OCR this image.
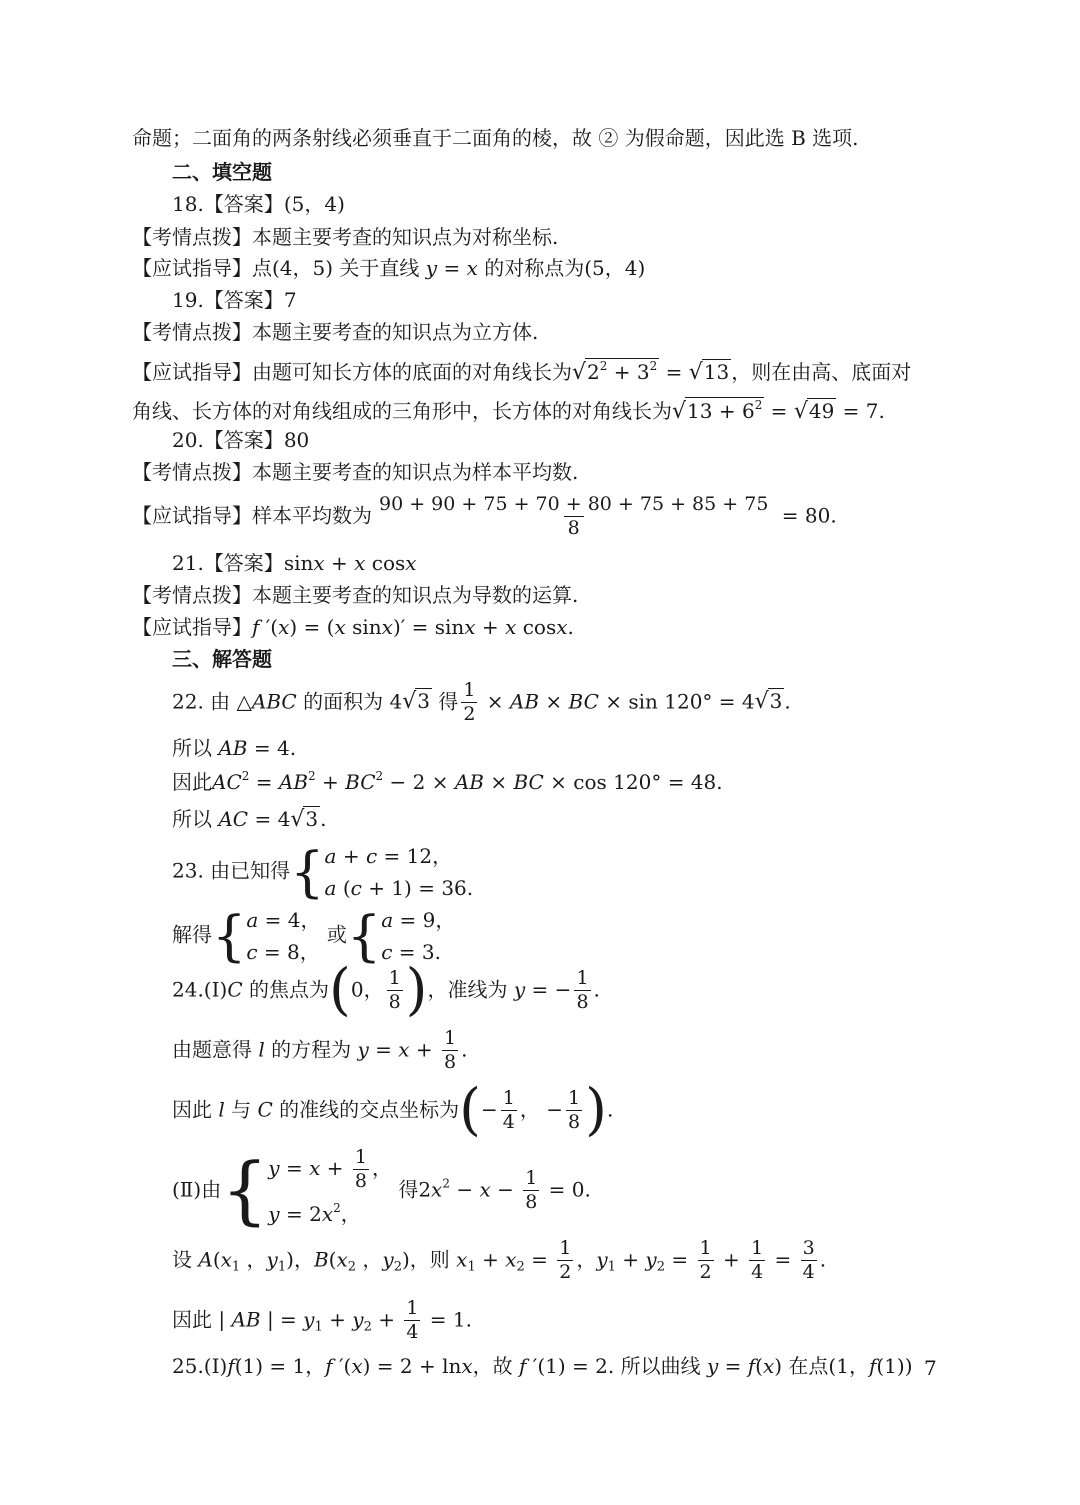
命题；二面角的两条射线必须垂直于二面角的棱，故 ② 为假命题，因此选 B 选项.
二、填空题
18.【答案】(5，4)
【考情点拨】本题主要考查的知识点为对称坐标.
【应试指导】点(4，5) 关于直线 y = x 的对称点为(5，4)
19.【答案】7
【考情点拨】本题主要考查的知识点为立方体.
【应试指导】由题可知长方体的底面的对角线长为$√2^2 + 3^2 = √13$ ，则在由高、底面对
角线、长方体的对角线组成的三角形中，长方体的对角线长为$√13 + 6^2 = √49 = 7$.
20.【答案】80
【考情点拨】本题主要考查的知识点为样本平均数.
【应试指导】样本平均数为 $\frac{90 + 90 + 75 + 70 + 80 + 75 + 85 + 75}{8} = 80$.
21.【答案】sinx + x cosx
【考情点拨】本题主要考查的知识点为导数的运算.
【应试指导】f ′(x) = (x sinx)′ = sinx + x cosx.
三、解答题
22. 由 △ABC 的面积为 4√3 得 $\frac{1}{2}$ × AB × BC × sin 120° = 4√3 .
所以 AB = 4.
因此$AC^2 = AB^2 + BC^2 - 2$ × AB × BC × cos 120° = 48.
所以 AC = 4√3 .
23. 由已知得{ a + c = 12，
a (c + 1) = 36.
解得{ a = 4，
c = 8，
或{ a = 9，
c = 3.
24.(Ⅰ)C 的焦点为(0， $\frac{1}{8}$ )，准线为 y = − $\frac{1}{8}$ .
由题意得 l 的方程为 $y = x + \frac{1}{8}$ .
因此 l 与 C 的准线的交点坐标为(− $\frac{1}{4}$ ， − $\frac{1}{8}$ ).
(Ⅱ)由{ $y = x + \frac{1}{8}$ ，
$y = 2x^2$，
得$2x^2 - x - \frac{1}{8} = 0$.
设 $A(x_1$ ，$y_1$)，$B(x_2$ ，$y_2$)，则 $x_1 + x_2 = \frac{1}{2}$ ，$y_1 + y_2 = \frac{1}{2} + \frac{1}{4} = \frac{3}{4}$ .
因此 | AB | = $y_1 + y_2 + \frac{1}{4} = 1$.
25.(Ⅰ)f(1) = 1，f ′(x) = 2 + lnx，故 f ′(1) = 2. 所以曲线 y = f(x) 在点(1，f(1)) 7
